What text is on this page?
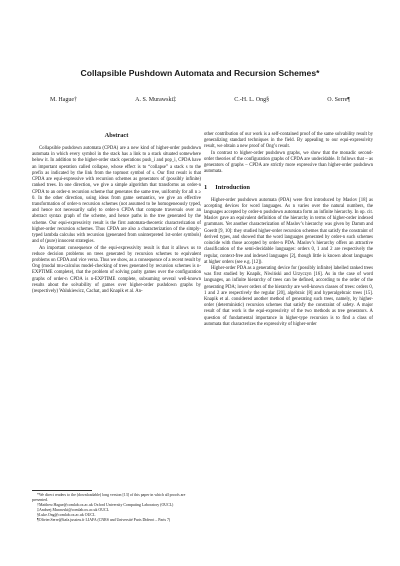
Collapsible Pushdown Automata and Recursion Schemes*
M. Hague†	A. S. Murawski‡	C.-H. L. Ong§	O. Serre¶
Abstract

Collapsible pushdown automata (CPDA) are a new kind of higher-order pushdown automata in which every symbol in the stack has a link to a stack situated somewhere below it. In addition to the higher-order stack operations push_i and pop_i, CPDA have an important operation called collapse, whose effect is to “collapse” a stack s to the prefix as indicated by the link from the topmost symbol of s. Our first result is that CPDA are equi-expressive with recursion schemes as generators of (possibly infinite) ranked trees. In one direction, we give a simple algorithm that transforms an order-n CPDA to an order-n recursion scheme that generates the same tree, uniformly for all n ≥ 0. In the other direction, using ideas from game semantics, we give an effective transformation of order-n recursion schemes (not assumed to be homogeneously typed, and hence not necessarily safe) to order-n CPDA that compute traversals over an abstract syntax graph of the scheme, and hence paths in the tree generated by the scheme. Our equi-expressivity result is the first automata-theoretic characterization of higher-order recursion schemes. Thus CPDA are also a characterization of the simply-typed lambda calculus with recursion (generated from uninterpreted 1st-order symbols) and of (pure) innocent strategies.

An important consequence of the equi-expressivity result is that it allows us to reduce decision problems on trees generated by recursion schemes to equivalent problems on CPDA and vice versa. Thus we show, as a consequence of a recent result by Ong (modal mu-calculus model-checking of trees generated by recursion schemes is n-EXPTIME complete), that the problem of solving parity games over the configuration graphs of order-n CPDA is n-EXPTIME complete, subsuming several well-known results about the solvability of games over higher-order pushdown graphs by (respectively) Walukiewicz, Cachat, and Knapik et al. An-

other contribution of our work is a self-contained proof of the same solvability result by generalizing standard techniques in the field. By appealing to our equi-expressivity result, we obtain a new proof of Ong’s result.

In contrast to higher-order pushdown graphs, we show that the monadic second-order theories of the configuration graphs of CPDA are undecidable. It follows that – as generators of graphs – CPDA are strictly more expressive than higher-order pushdown automata.

1 Introduction

Higher-order pushdown automata (PDA) were first introduced by Maslov [18] as accepting devices for word languages. As n varies over the natural numbers, the languages accepted by order-n pushdown automata form an infinite hierarchy. In op. cit. Maslov gave an equivalent definition of the hierarchy in terms of higher-order indexed grammars. Yet another characterization of Maslov’s hierarchy was given by Damm and Goerdt [9, 10]: they studied higher-order recursion schemes that satisfy the constraint of derived types, and showed that the word languages generated by order-n such schemes coincide with those accepted by order-n PDA. Maslov’s hierarchy offers an attractive classification of the semi-decidable languages: orders 0, 1 and 2 are respectively the regular, context-free and indexed languages [2], though little is known about languages at higher orders (see e.g. [12]).

Higher-order PDA as a generating device for (possibly infinite) labelled ranked trees was first studied by Knapik, Niwiński and Urzyczyn [16]. As in the case of word languages, an infinite hierarchy of trees can be defined, according to the order of the generating PDA; lower orders of the hierarchy are well-known classes of trees: orders 0, 1 and 2 are respectively the regular [20], algebraic [8] and hyperalgebraic trees [15]. Knapik et al. considered another method of generating such trees, namely, by higher-order (deterministic) recursion schemes that satisfy the constraint of safety. A major result of that work is the equi-expressivity of the two methods as tree generators. A question of fundamental importance in higher-type recursion is to find a class of automata that characterizes the expressivity of higher-order

*We direct readers to the (downloadable) long version [13] of this paper in which all proofs are presented.
†Matthew.Hague@comlab.ox.ac.uk Oxford University Computing Laboratory (OUCL)
‡Andrzej.Murawski@comlab.ox.ac.uk OUCL
§Luke.Ong@comlab.ox.ac.uk OUCL
¶Olivier.Serre@liafa.jussieu.fr LIAFA (CNRS and Université Paris Diderot – Paris 7)
